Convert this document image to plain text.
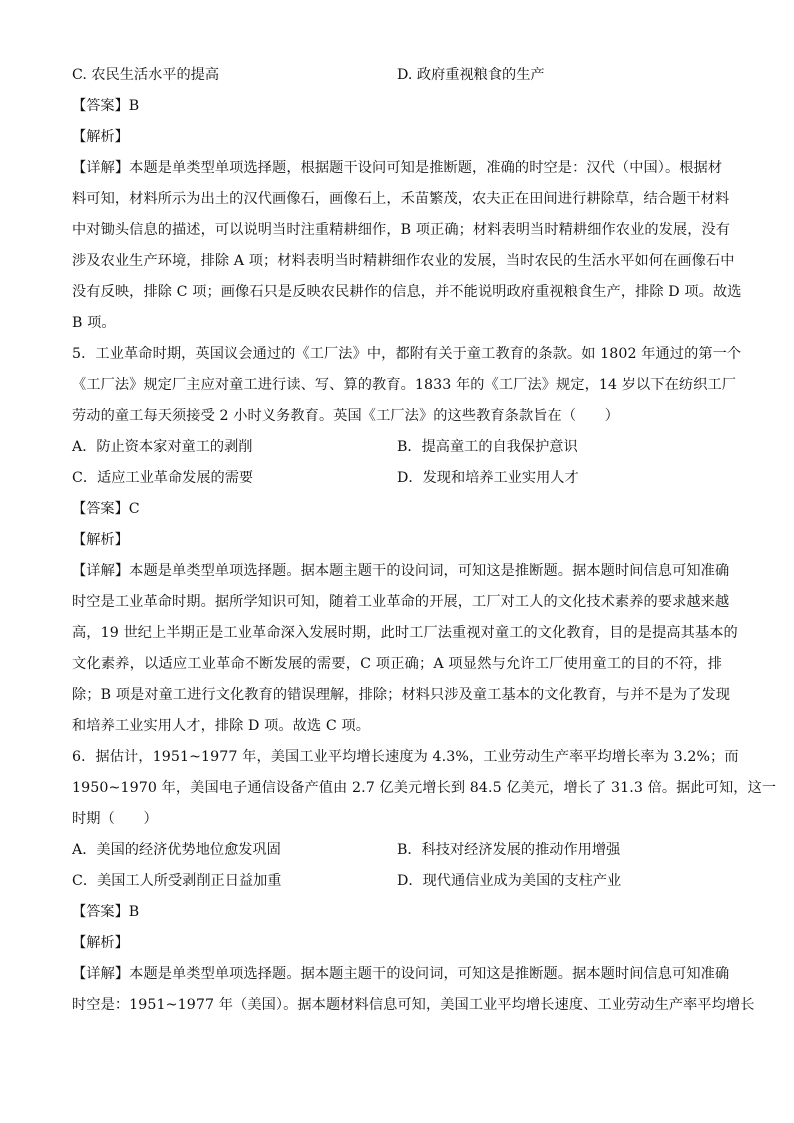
C. 农民生活水平的提高	D. 政府重视粮食的生产
【答案】B
【解析】
【详解】本题是单类型单项选择题，根据题干设问可知是推断题，准确的时空是：汉代（中国）。根据材
料可知，材料所示为出土的汉代画像石，画像石上，禾苗繁茂，农夫正在田间进行耕除草，结合题干材料
中对锄头信息的描述，可以说明当时注重精耕细作，B 项正确；材料表明当时精耕细作农业的发展，没有
涉及农业生产环境，排除 A 项；材料表明当时精耕细作农业的发展，当时农民的生活水平如何在画像石中
没有反映，排除 C 项；画像石只是反映农民耕作的信息，并不能说明政府重视粮食生产，排除 D 项。故选
B 项。
5．工业革命时期，英国议会通过的《工厂法》中，都附有关于童工教育的条款。如 1802 年通过的第一个
《工厂法》规定厂主应对童工进行读、写、算的教育。1833 年的《工厂法》规定，14 岁以下在纺织工厂
劳动的童工每天须接受 2 小时义务教育。英国《工厂法》的这些教育条款旨在（　　）
A．防止资本家对童工的剥削	B．提高童工的自我保护意识
C．适应工业革命发展的需要	D．发现和培养工业实用人才
【答案】C
【解析】
【详解】本题是单类型单项选择题。据本题主题干的设问词，可知这是推断题。据本题时间信息可知准确
时空是工业革命时期。据所学知识可知，随着工业革命的开展，工厂对工人的文化技术素养的要求越来越
高，19 世纪上半期正是工业革命深入发展时期，此时工厂法重视对童工的文化教育，目的是提高其基本的
文化素养，以适应工业革命不断发展的需要，C 项正确；A 项显然与允许工厂使用童工的目的不符，排
除；B 项是对童工进行文化教育的错误理解，排除；材料只涉及童工基本的文化教育，与并不是为了发现
和培养工业实用人才，排除 D 项。故选 C 项。
6．据估计，1951~1977 年，美国工业平均增长速度为 4.3%，工业劳动生产率平均增长率为 3.2%；而
1950~1970 年，美国电子通信设备产值由 2.7 亿美元增长到 84.5 亿美元，增长了 31.3 倍。据此可知，这一
时期（　　）
A．美国的经济优势地位愈发巩固	B．科技对经济发展的推动作用增强
C．美国工人所受剥削正日益加重	D．现代通信业成为美国的支柱产业
【答案】B
【解析】
【详解】本题是单类型单项选择题。据本题主题干的设问词，可知这是推断题。据本题时间信息可知准确
时空是：1951~1977 年（美国）。据本题材料信息可知，美国工业平均增长速度、工业劳动生产率平均增长
